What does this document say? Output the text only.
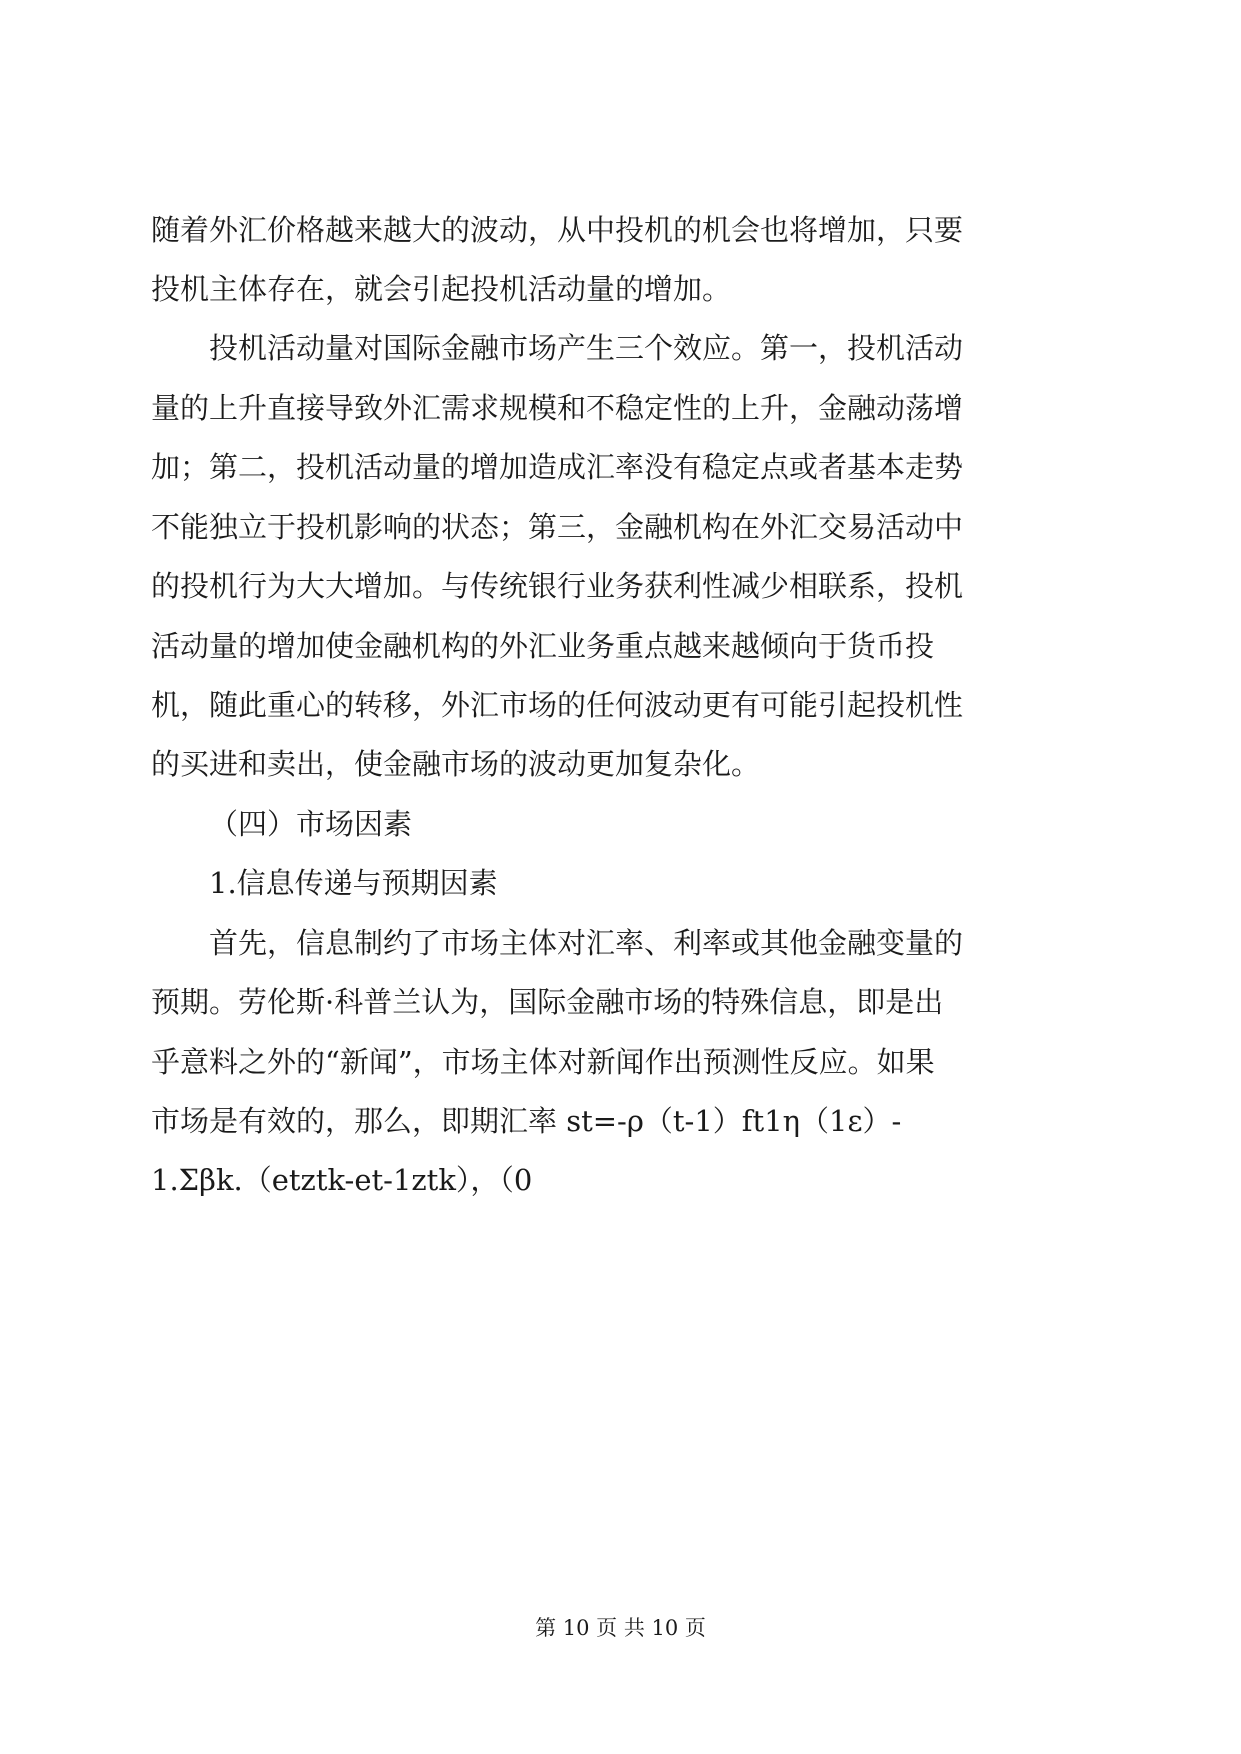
随着外汇价格越来越大的波动，从中投机的机会也将增加，只要
投机主体存在，就会引起投机活动量的增加。
投机活动量对国际金融市场产生三个效应。第一，投机活动
量的上升直接导致外汇需求规模和不稳定性的上升，金融动荡增
加；第二，投机活动量的增加造成汇率没有稳定点或者基本走势
不能独立于投机影响的状态；第三，金融机构在外汇交易活动中
的投机行为大大增加。与传统银行业务获利性减少相联系，投机
活动量的增加使金融机构的外汇业务重点越来越倾向于货币投
机，随此重心的转移，外汇市场的任何波动更有可能引起投机性
的买进和卖出，使金融市场的波动更加复杂化。
（四）市场因素
1.信息传递与预期因素
首先，信息制约了市场主体对汇率、利率或其他金融变量的
预期。劳伦斯·科普兰认为，国际金融市场的特殊信息，即是出
乎意料之外的“新闻”，市场主体对新闻作出预测性反应。如果
市场是有效的，那么，即期汇率 st=-ρ（t-1）ft1η（1ε）-
1.Σβk.（etztk-et-1ztk），（0
第 10 页 共 10 页
